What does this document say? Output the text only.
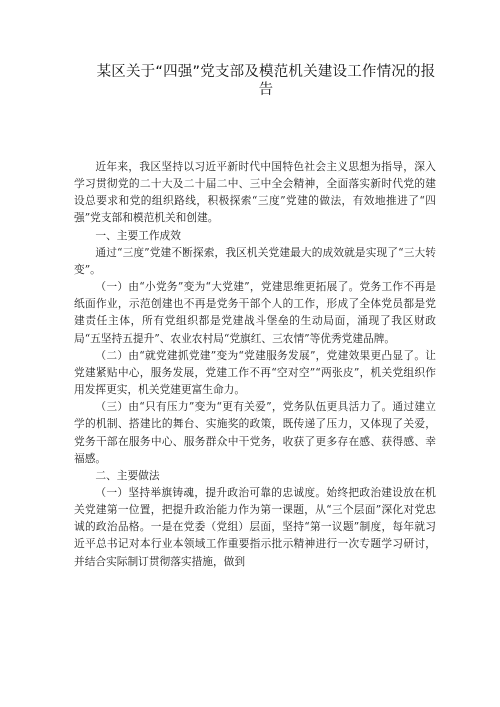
某区关于“四强”党支部及模范机关建设工作情况的报告

近年来，我区坚持以习近平新时代中国特色社会主义思想为指导，深入学习贯彻党的二十大及二十届二中、三中全会精神，全面落实新时代党的建设总要求和党的组织路线，积极探索“三度”党建的做法，有效地推进了“四强”党支部和模范机关和创建。

一、主要工作成效

通过“三度”党建不断探索，我区机关党建最大的成效就是实现了“三大转变”。

（一）由“小党务”变为“大党建”，党建思维更拓展了。党务工作不再是纸面作业，示范创建也不再是党务干部个人的工作，形成了全体党员都是党建责任主体，所有党组织都是党建战斗堡垒的生动局面，涌现了我区财政局“五坚持五提升”、农业农村局“党旗红、三农情”等优秀党建品牌。

（二）由“就党建抓党建”变为“党建服务发展”，党建效果更凸显了。让党建紧贴中心，服务发展，党建工作不再“空对空”“两张皮”，机关党组织作用发挥更实，机关党建更富生命力。

（三）由“只有压力”变为“更有关爱”，党务队伍更具活力了。通过建立学的机制、搭建比的舞台、实施奖的政策，既传递了压力，又体现了关爱，党务干部在服务中心、服务群众中干党务，收获了更多存在感、获得感、幸福感。

二、主要做法

（一）坚持举旗铸魂，提升政治可靠的忠诚度。始终把政治建设放在机关党建第一位置，把提升政治能力作为第一课题，从“三个层面”深化对党忠诚的政治品格。一是在党委（党组）层面，坚持“第一议题”制度，每年就习近平总书记对本行业本领域工作重要指示批示精神进行一次专题学习研讨，并结合实际制订贯彻落实措施，做到
